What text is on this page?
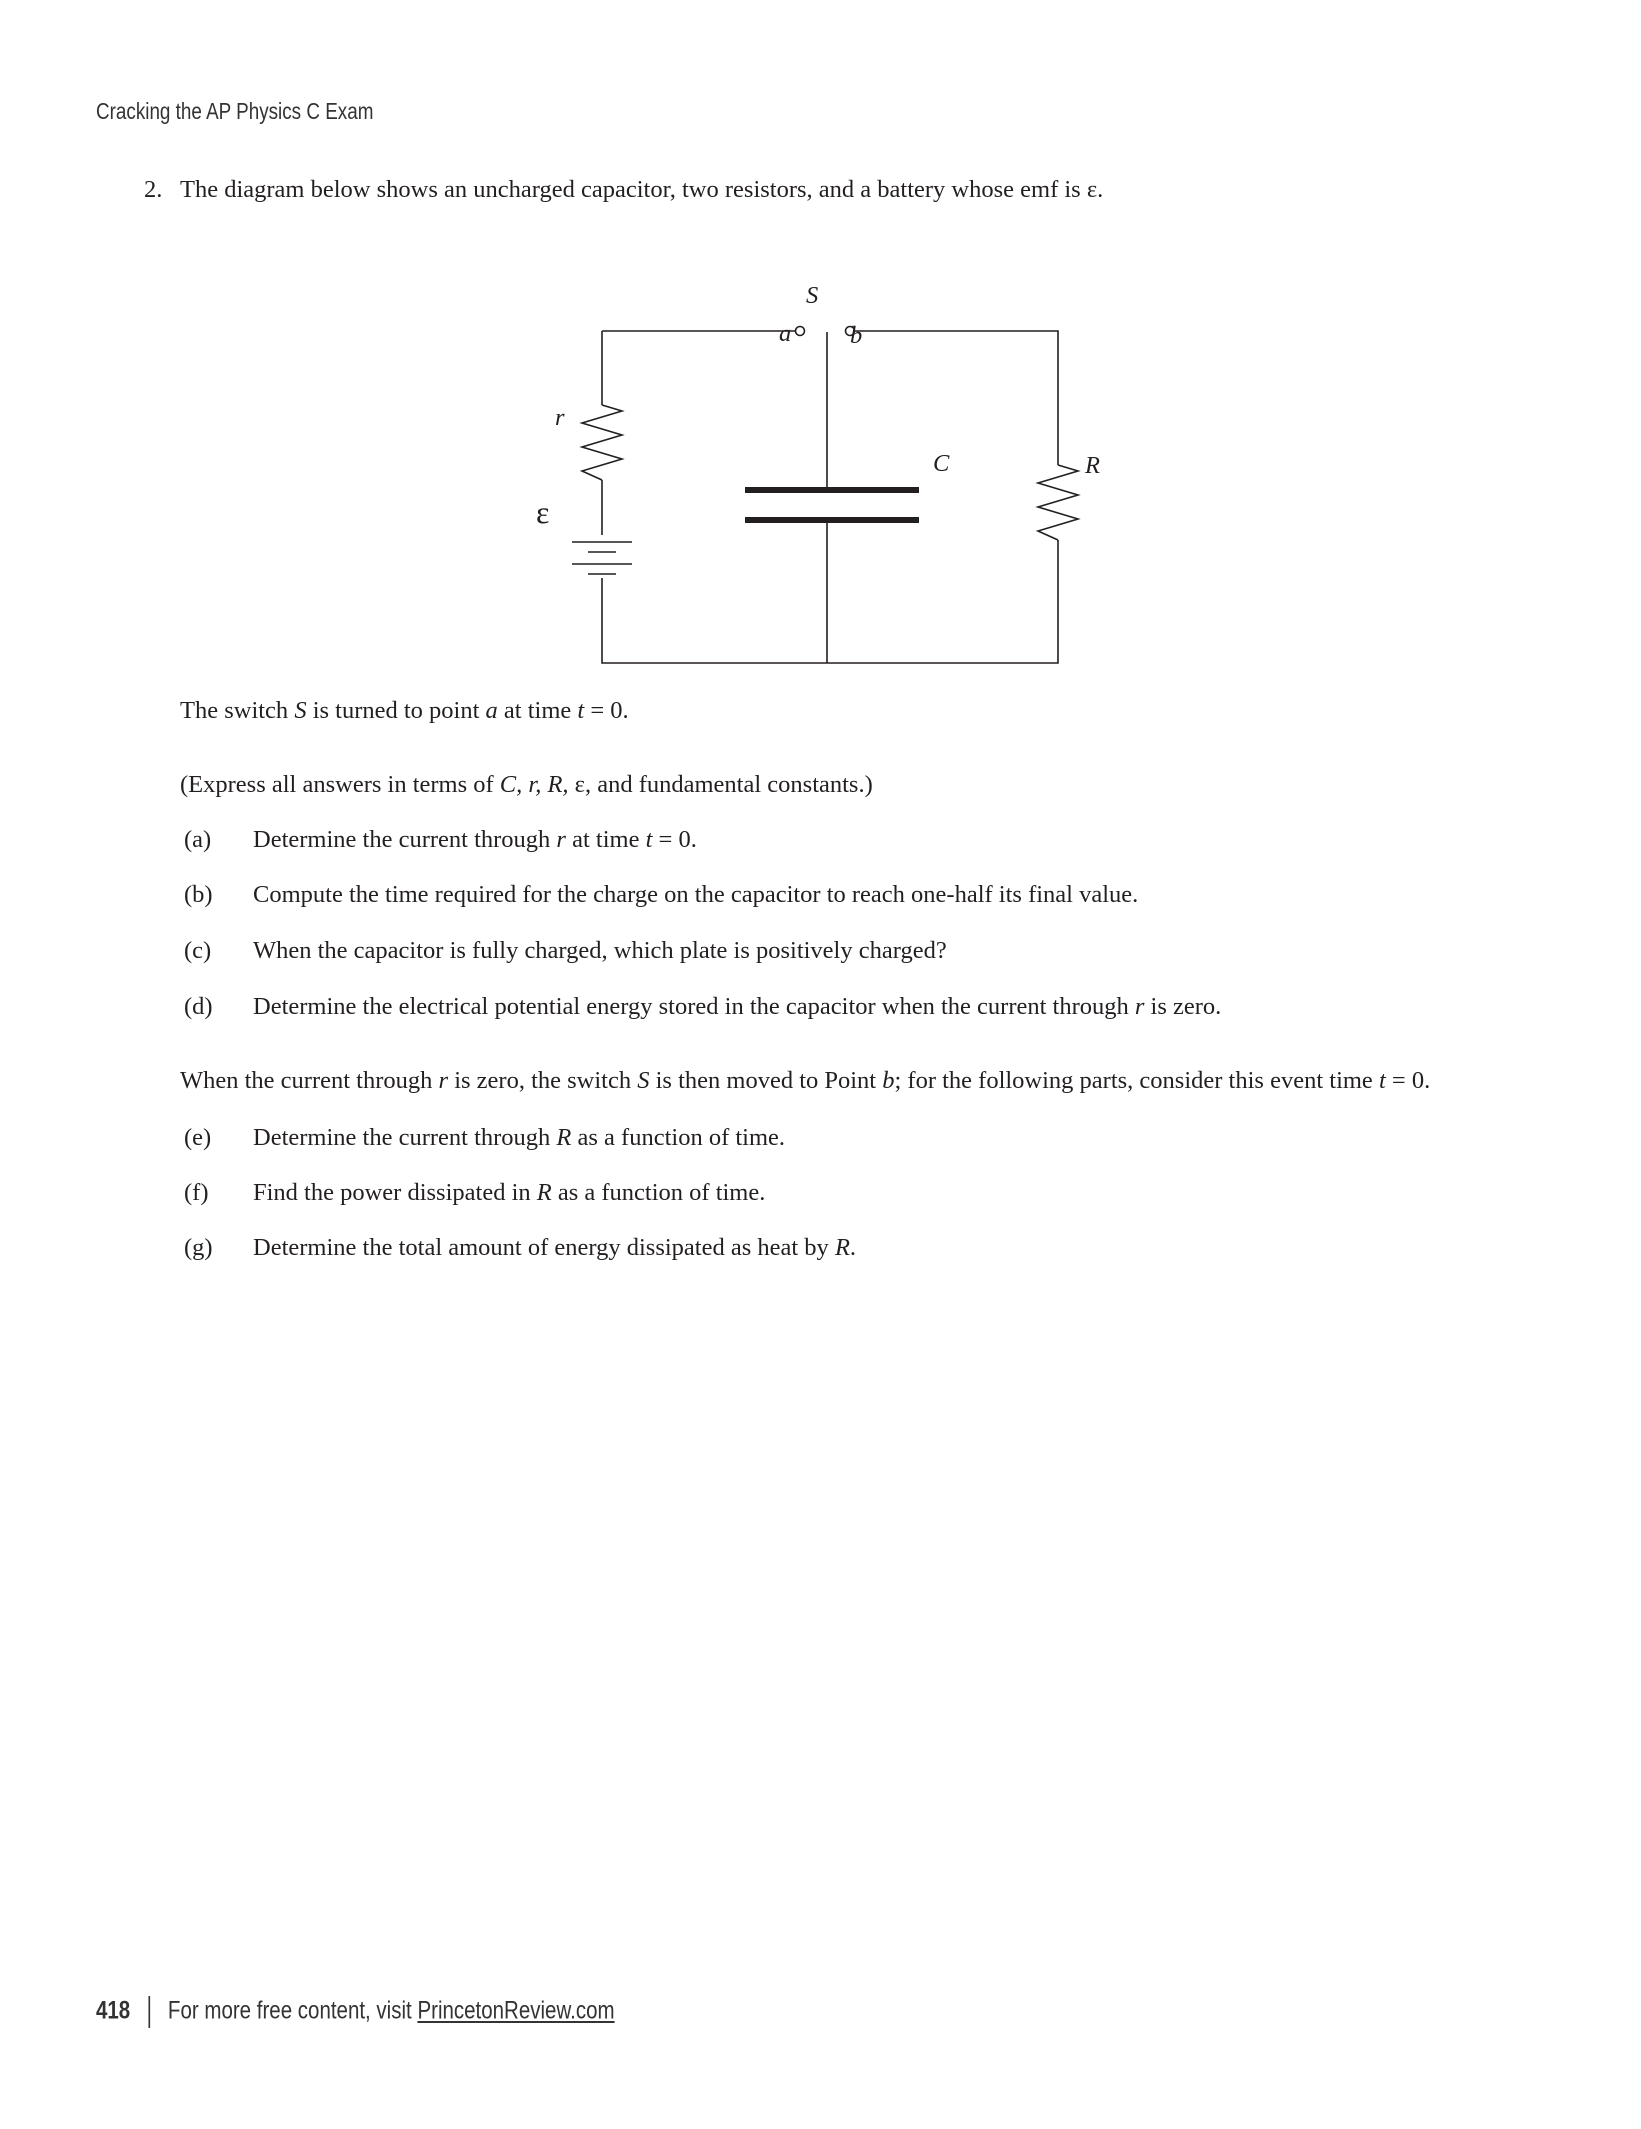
Cracking the AP Physics C Exam
2. The diagram below shows an uncharged capacitor, two resistors, and a battery whose emf is ε.
S
a b
r
ε
C	R
The switch S is turned to point a at time t = 0.
(Express all answers in terms of C, r, R, ε, and fundamental constants.)
(a) Determine the current through r at time t = 0.
(b) Compute the time required for the charge on the capacitor to reach one-half its final value.
(c) When the capacitor is fully charged, which plate is positively charged?
(d) Determine the electrical potential energy stored in the capacitor when the current through r is zero.
When the current through r is zero, the switch S is then moved to Point b; for the following parts, consider this event time t = 0.
(e) Determine the current through R as a function of time.
(f) Find the power dissipated in R as a function of time.
(g) Determine the total amount of energy dissipated as heat by R.
418 For more free content, visit PrincetonReview.com
